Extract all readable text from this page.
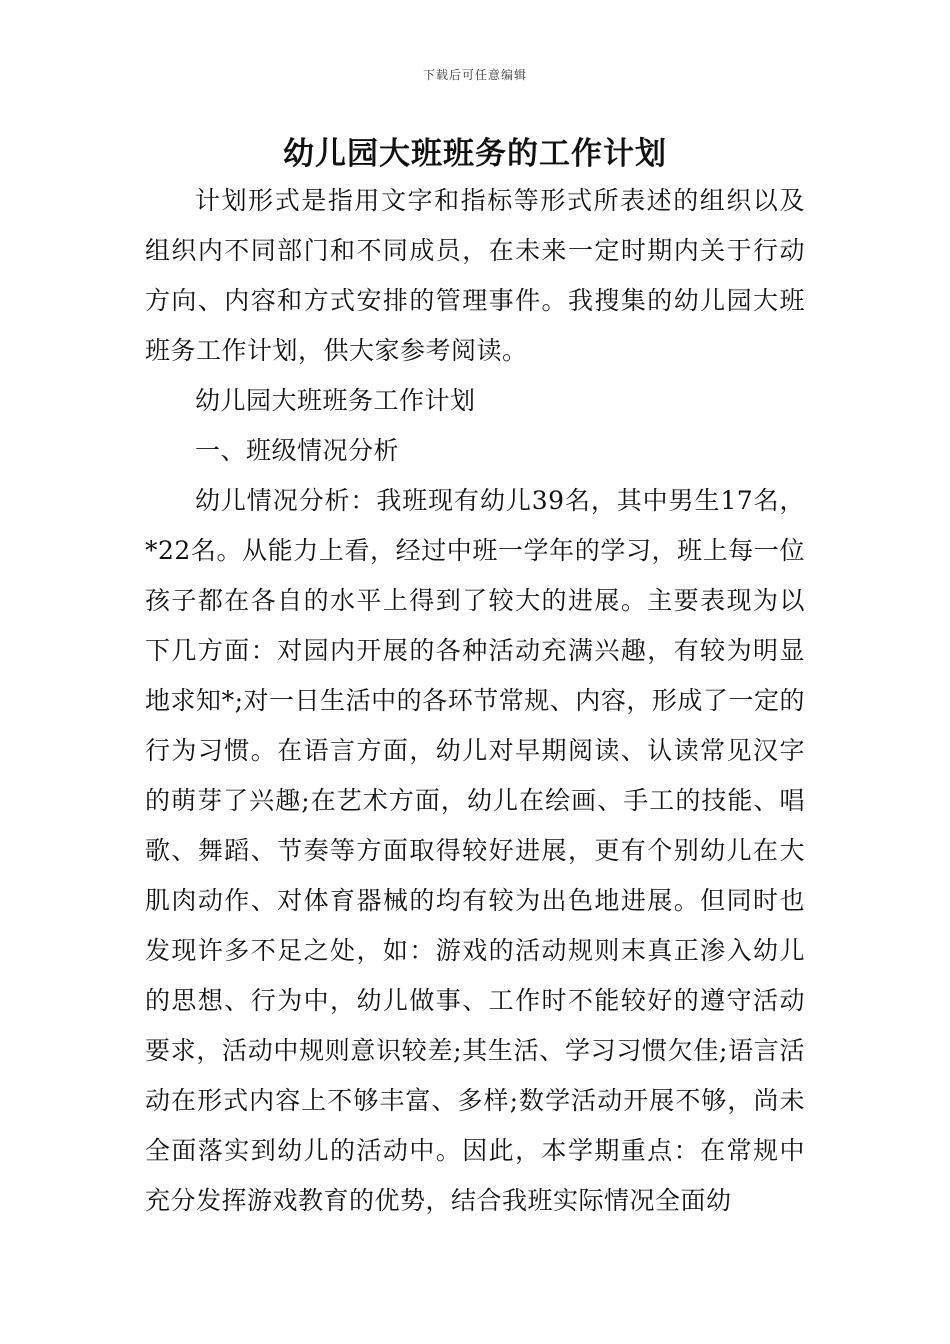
下载后可任意编辑
幼儿园大班班务的工作计划

计划形式是指用文字和指标等形式所表述的组织以及组织内不同部门和不同成员，在未来一定时期内关于行动方向、内容和方式安排的管理事件。我搜集的幼儿园大班班务工作计划，供大家参考阅读。

幼儿园大班班务工作计划

一、班级情况分析

幼儿情况分析：我班现有幼儿39名，其中男生17名，*22名。从能力上看，经过中班一学年的学习，班上每一位孩子都在各自的水平上得到了较大的进展。主要表现为以下几方面：对园内开展的各种活动充满兴趣，有较为明显地求知*;对一日生活中的各环节常规、内容，形成了一定的行为习惯。在语言方面，幼儿对早期阅读、认读常见汉字的萌芽了兴趣;在艺术方面，幼儿在绘画、手工的技能、唱歌、舞蹈、节奏等方面取得较好进展，更有个别幼儿在大肌肉动作、对体育器械的均有较为出色地进展。但同时也发现许多不足之处，如：游戏的活动规则末真正渗入幼儿的思想、行为中，幼儿做事、工作时不能较好的遵守活动要求，活动中规则意识较差;其生活、学习习惯欠佳;语言活动在形式内容上不够丰富、多样;数学活动开展不够，尚未全面落实到幼儿的活动中。因此，本学期重点：在常规中充分发挥游戏教育的优势，结合我班实际情况全面幼
